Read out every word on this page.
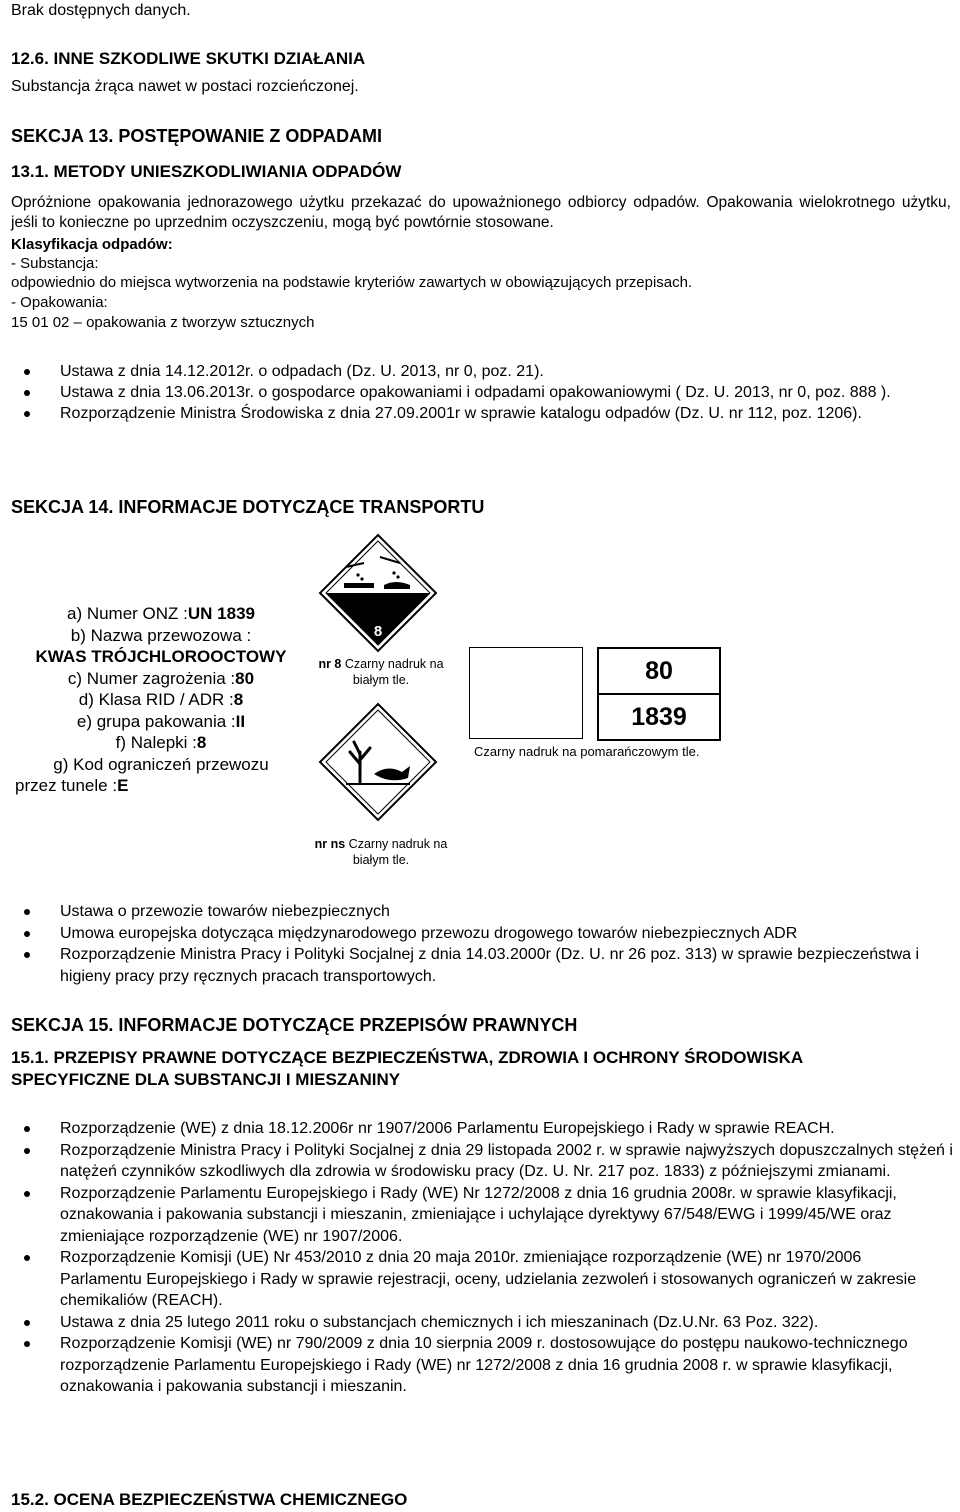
Brak dostępnych danych.
12.6. INNE SZKODLIWE SKUTKI DZIAŁANIA
Substancja żrąca nawet w postaci rozcieńczonej.
SEKCJA 13. POSTĘPOWANIE Z ODPADAMI
13.1. METODY UNIESZKODLIWIANIA ODPADÓW
Opróżnione opakowania jednorazowego użytku przekazać do upoważnionego odbiorcy odpadów. Opakowania wielokrotnego użytku, jeśli to konieczne po uprzednim oczyszczeniu, mogą być powtórnie stosowane.
Klasyfikacja odpadów:
- Substancja:
odpowiednio do miejsca wytworzenia na podstawie kryteriów zawartych w obowiązujących przepisach.
- Opakowania:
15 01 02 – opakowania z tworzyw sztucznych
Ustawa z dnia 14.12.2012r. o odpadach (Dz. U. 2013, nr 0, poz. 21).
Ustawa z dnia 13.06.2013r. o gospodarce opakowaniami i odpadami opakowaniowymi ( Dz. U. 2013, nr 0, poz. 888 ).
Rozporządzenie Ministra Środowiska z dnia 27.09.2001r w sprawie katalogu odpadów (Dz. U. nr 112, poz. 1206).
SEKCJA 14. INFORMACJE DOTYCZĄCE TRANSPORTU
a) Numer ONZ :UN 1839
b) Nazwa przewozowa :
KWAS TRÓJCHLOROOCTOWY
c) Numer zagrożenia :80
d) Klasa RID / ADR :8
e) grupa pakowania :II
f) Nalepki :8
g) Kod ograniczeń przewozu
przez tunele :E
8
nr 8 Czarny nadruk na
białym tle.
nr ns Czarny nadruk na
białym tle.
80
1839
Czarny nadruk na pomarańczowym tle.
Ustawa o przewozie towarów niebezpiecznych
Umowa europejska dotycząca międzynarodowego przewozu drogowego towarów niebezpiecznych ADR
Rozporządzenie Ministra Pracy i Polityki Socjalnej z dnia 14.03.2000r (Dz. U. nr 26 poz. 313) w sprawie bezpieczeństwa i higieny pracy przy ręcznych pracach transportowych.
SEKCJA 15. INFORMACJE DOTYCZĄCE PRZEPISÓW PRAWNYCH
15.1. PRZEPISY PRAWNE DOTYCZĄCE BEZPIECZEŃSTWA, ZDROWIA I OCHRONY ŚRODOWISKA
SPECYFICZNE DLA SUBSTANCJI I MIESZANINY
Rozporządzenie (WE) z dnia 18.12.2006r nr 1907/2006 Parlamentu Europejskiego i Rady w sprawie REACH.
Rozporządzenie Ministra Pracy i Polityki Socjalnej z dnia 29 listopada 2002 r. w sprawie najwyższych dopuszczalnych stężeń i natężeń czynników szkodliwych dla zdrowia w środowisku pracy (Dz. U. Nr. 217 poz. 1833) z późniejszymi zmianami.
Rozporządzenie Parlamentu Europejskiego i Rady (WE) Nr 1272/2008 z dnia 16 grudnia 2008r. w sprawie klasyfikacji, oznakowania i pakowania substancji i mieszanin, zmieniające i uchylające dyrektywy 67/548/EWG i 1999/45/WE oraz zmieniające rozporządzenie (WE) nr 1907/2006.
Rozporządzenie Komisji (UE) Nr 453/2010 z dnia 20 maja 2010r. zmieniające rozporządzenie (WE) nr 1970/2006 Parlamentu Europejskiego i Rady w sprawie rejestracji, oceny, udzielania zezwoleń i stosowanych ograniczeń w zakresie chemikaliów (REACH).
Ustawa z dnia 25 lutego 2011 roku o substancjach chemicznych i ich mieszaninach (Dz.U.Nr. 63 Poz. 322).
Rozporządzenie Komisji (WE) nr 790/2009 z dnia 10 sierpnia 2009 r. dostosowujące do postępu naukowo-technicznego rozporządzenie Parlamentu Europejskiego i Rady (WE) nr 1272/2008 z dnia 16 grudnia 2008 r. w sprawie klasyfikacji, oznakowania i pakowania substancji i mieszanin.
15.2. OCENA BEZPIECZEŃSTWA CHEMICZNEGO
